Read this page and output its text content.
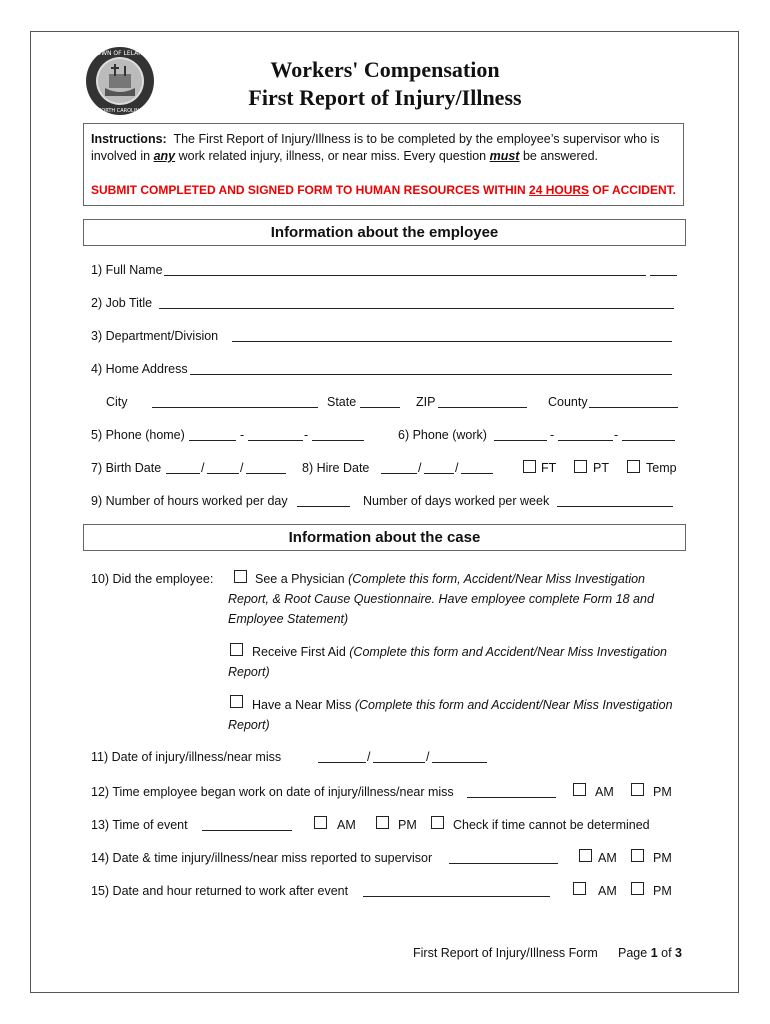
TOWN OF LELAND
NORTH CAROLINA
Workers' Compensation
First Report of Injury/Illness
Instructions: The First Report of Injury/Illness is to be completed by the employee’s supervisor who is
involved in any work related injury, illness, or near miss. Every question must be answered.
SUBMIT COMPLETED AND SIGNED FORM TO HUMAN RESOURCES WITHIN 24 HOURS OF ACCIDENT.
Information about the employee
1) Full Name
2) Job Title
3) Department/Division
4) Home Address
City	State	ZIP	County
5) Phone (home)	-	-	6) Phone (work)	-	-
7) Birth Date	/	/	8) Hire Date	/	/	FT	PT	Temp
9) Number of hours worked per day	Number of days worked per week
Information about the case
10) Did the employee:	See a Physician (Complete this form, Accident/Near Miss Investigation
Report, & Root Cause Questionnaire. Have employee complete Form 18 and
Employee Statement)
Receive First Aid (Complete this form and Accident/Near Miss Investigation
Report)
Have a Near Miss (Complete this form and Accident/Near Miss Investigation
Report)
11) Date of injury/illness/near miss	/	/
12) Time employee began work on date of injury/illness/near miss	AM	PM
13) Time of event	AM	PM	Check if time cannot be determined
14) Date & time injury/illness/near miss reported to supervisor	AM	PM
15) Date and hour returned to work after event	AM	PM
First Report of Injury/Illness Form Page 1 of 3
